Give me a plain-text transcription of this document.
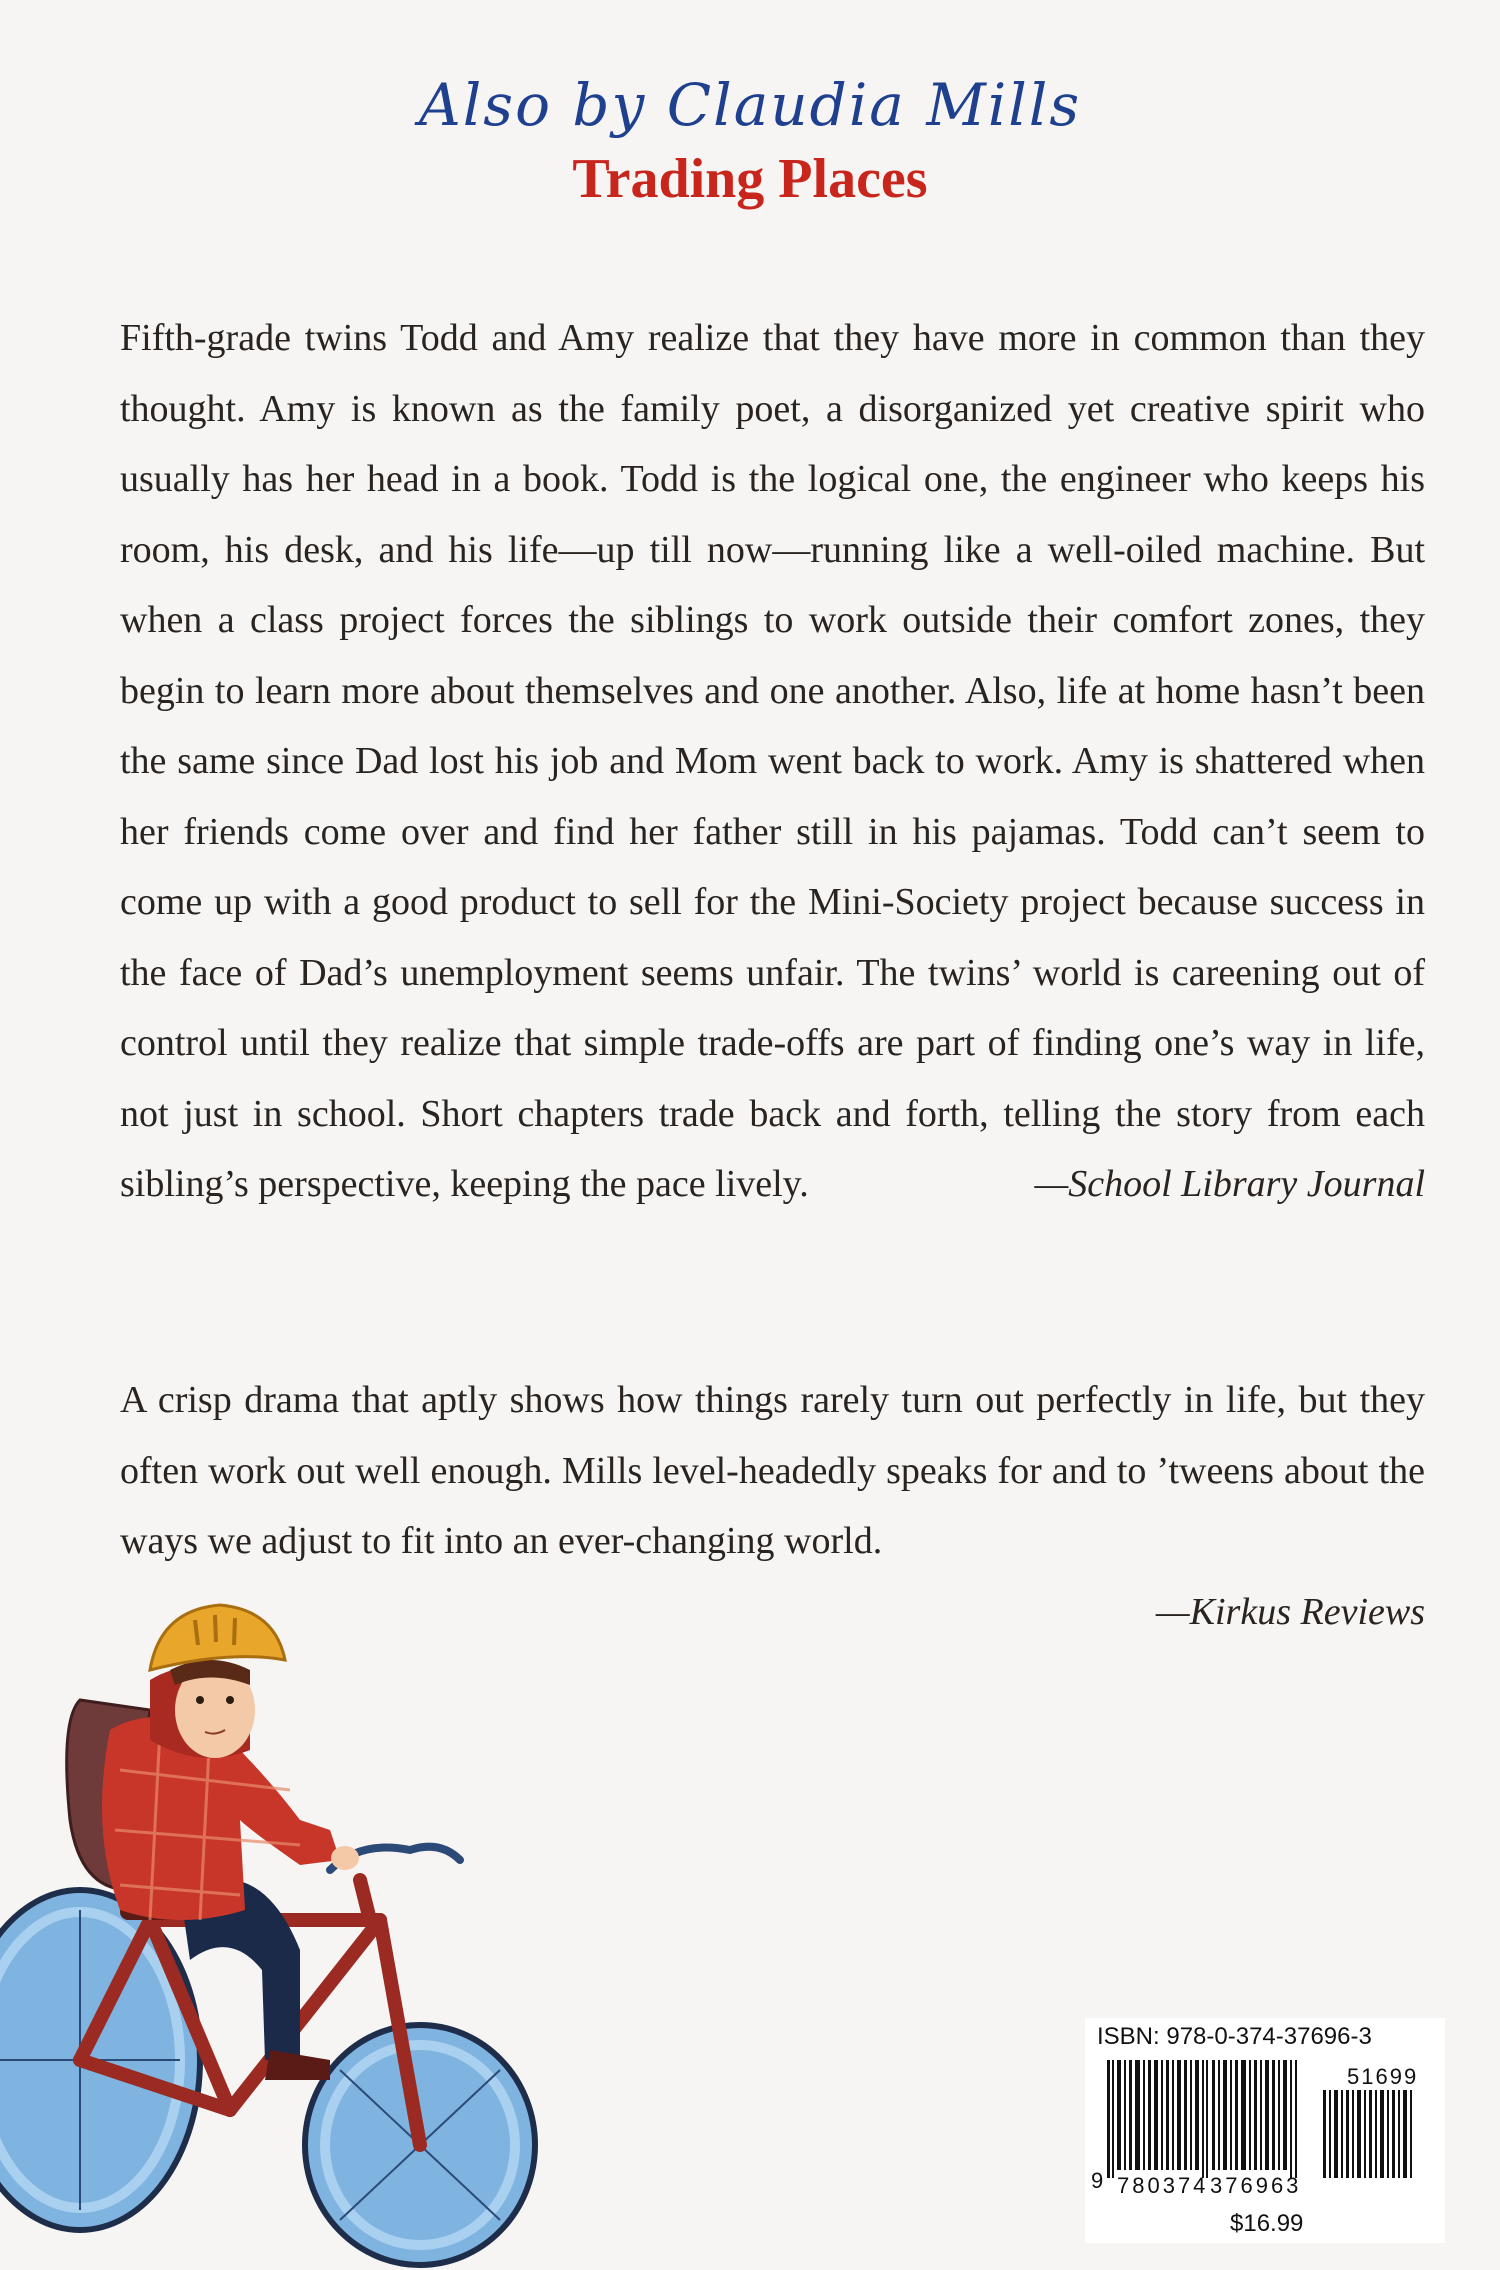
Also by Claudia Mills
Trading Places
Fifth-grade twins Todd and Amy realize that they have more in common than they thought. Amy is known as the family poet, a disorganized yet creative spirit who usually has her head in a book. Todd is the logical one, the engineer who keeps his room, his desk, and his life—up till now—running like a well-oiled machine. But when a class project forces the siblings to work outside their comfort zones, they begin to learn more about themselves and one another. Also, life at home hasn’t been the same since Dad lost his job and Mom went back to work. Amy is shattered when her friends come over and find her father still in his pajamas. Todd can’t seem to come up with a good product to sell for the Mini-Society project because success in the face of Dad’s unemployment seems unfair. The twins’ world is careening out of control until they realize that simple trade-offs are part of finding one’s way in life, not just in school. Short chapters trade back and forth, telling the story from each sibling’s perspective, keeping the pace lively.	—School Library Journal
A crisp drama that aptly shows how things rarely turn out perfectly in life, but they often work out well enough. Mills level-headedly speaks for and to ’tweens about the ways we adjust to fit into an ever-changing world.
—Kirkus Reviews
ISBN: 978-0-374-37696-3
51699
9 780374 376963
$16.99
